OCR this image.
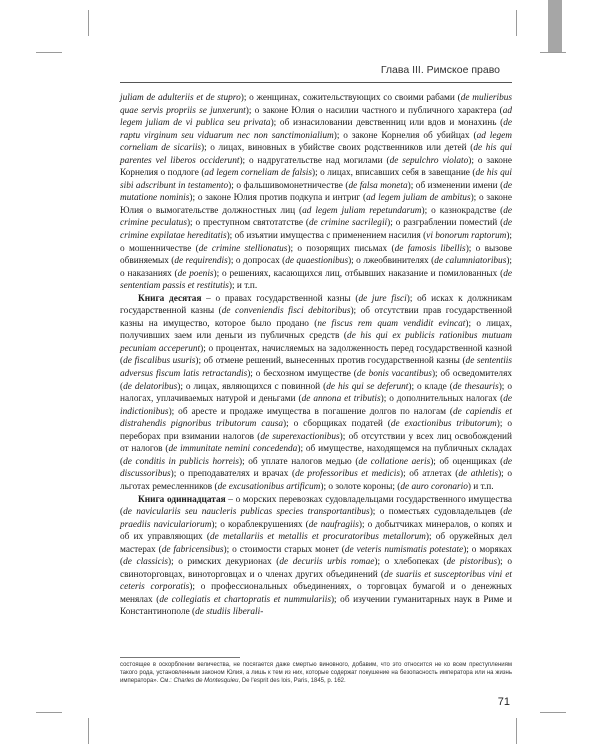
Глава III. Римское право

juliam de adulteriis et de stupro); о женщинах, сожительствующих со своими рабами (de mulieribus quae servis propriis se junxerunt); о законе Юлия о насилии частного и публичного характера (ad legem juliam de vi publica seu privata); об изнасиловании девственниц или вдов и монахинь (de raptu virginum seu viduarum nec non sanctimonialium); о законе Корнелия об убийцах (ad legem corneliam de sicariis); о лицах, виновных в убийстве своих родственников или детей (de his qui parentes vel liberos occiderunt); о надругательстве над могилами (de sepulchro violato); о законе Корнелия о подлоге (ad legem corneliam de falsis); о лицах, вписавших себя в завещание (de his qui sibi adscribunt in testamento); о фальшивомонетничестве (de falsa moneta); об изменении имени (de mutatione nominis); о законе Юлия против подкупа и интриг (ad legem juliam de ambitus); о законе Юлия о вымогательстве должностных лиц (ad legem juliam repetundarum); о казнокрадстве (de crimine peculatus); о преступном святотатстве (de crimine sacrilegii); о разграблении поместий (de crimine expilatae hereditatis); об изъятии имущества с применением насилия (vi bonorum raptorum); о мошенничестве (de crimine stellionatus); о позорящих письмах (de famosis libellis); о вызове обвиняемых (de requirendis); о допросах (de quaestionibus); о лжеобвинителях (de calumniatoribus); о наказаниях (de poenis); о решениях, касающихся лиц, отбывших наказание и помилованных (de sententiam passis et restitutis); и т.п.

Книга десятая – о правах государственной казны (de jure fisci); об исках к должникам государственной казны (de conveniendis fisci debitoribus); об отсутствии прав государственной казны на имущество, которое было продано (ne fiscus rem quam vendidit evincat); о лицах, получивших заем или деньги из публичных средств (de his qui ex publicis rationibus mutuam pecuniam acceperunt); о процентах, начисляемых на задолженность перед государственной казной (de fiscalibus usuris); об отмене решений, вынесенных против государственной казны (de sententiis adversus fiscum latis retractandis); о бесхозном имуществе (de bonis vacantibus); об осведомителях (de delatoribus); о лицах, являющихся с повинной (de his qui se deferunt); о кладе (de thesauris); о налогах, уплачиваемых натурой и деньгами (de annona et tributis); о дополнительных налогах (de indictionibus); об аресте и продаже имущества в погашение долгов по налогам (de capiendis et distrahendis pignoribus tributorum causa); о сборщиках податей (de exactionibus tributorum); о переборах при взимании налогов (de superexactionibus); об отсутствии у всех лиц освобождений от налогов (de immunitate nemini concedenda); об имуществе, находящемся на публичных складах (de conditis in publicis horreis); об уплате налогов медью (de collatione aeris); об оценщиках (de discussoribus); о преподавателях и врачах (de professoribus et medicis); об атлетах (de athletis); о льготах ремесленников (de excusationibus artificum); о золоте короны; (de auro coronario) и т.п.

Книга одиннадцатая – о морских перевозках судовладельцами государственного имущества (de naviculariis seu naucleris publicas species transportantibus); о поместьях судовладельцев (de praediis naviculariorum); о кораблекрушениях (de naufragiis); о добытчиках минералов, о копях и об их управляющих (de metallariis et metallis et procuratoribus metallorum); об оружейных дел мастерах (de fabricensibus); о стоимости старых монет (de veteris numismatis potestate); о моряках (de classicis); о римских декурионах (de decuriis urbis romae); о хлебопеках (de pistoribus); о свиноторговцах, виноторговцах и о членах других объединений (de suariis et susceptoribus vini et ceteris corporatis); о профессиональных объединениях, о торговцах бумагой и о денежных менялах (de collegiatis et chartopratis et nummulariis); об изучении гуманитарных наук в Риме и Константинополе (de studiis liberali-

состоящее в оскорблении величества, не посягается даже смертью виновного, добавим, что это относится не ко всем преступлениям такого рода, установленным законом Юлия, а лишь к тем из них, которые содержат покушение на безопасность императора или на жизнь императора». См.: Charles de Montesquieu, De l'esprit des lois, Paris, 1845, p. 162.
71
